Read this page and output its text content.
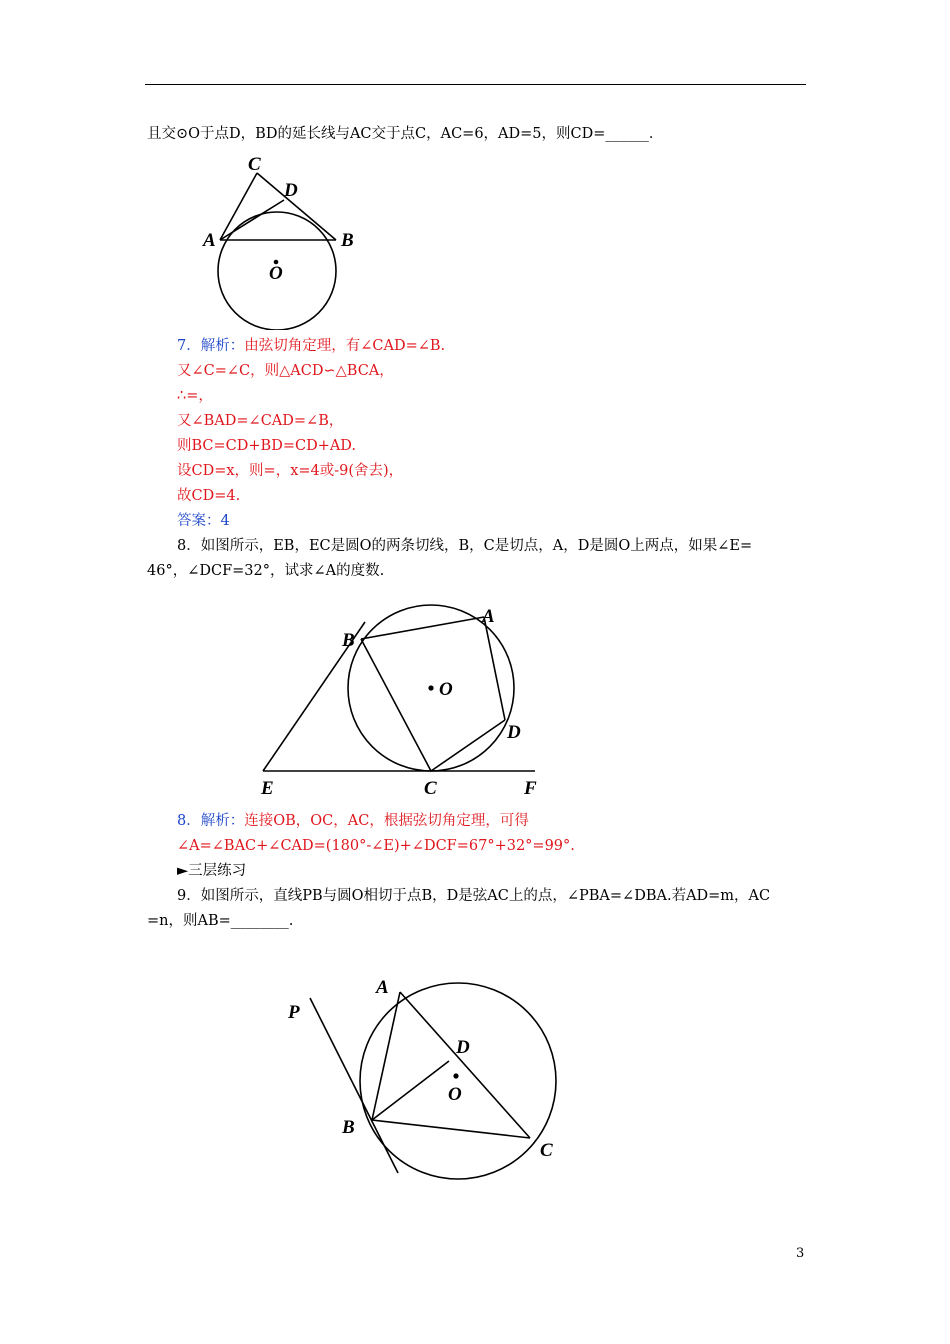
且交⊙O于点D，BD的延长线与AC交于点C，AC=6，AD=5，则CD=______．
C
D
A	B
O
7．解析：由弦切角定理，有∠CAD=∠B.
又∠C=∠C，则△ACD∽△BCA，
∴=，
又∠BAD=∠CAD=∠B，
则BC=CD+BD=CD+AD.
设CD=x，则=，x=4或-9(舍去)，
故CD=4.
答案：4
8．如图所示，EB，EC是圆O的两条切线，B，C是切点，A，D是圆O上两点，如果∠E=
46°，∠DCF=32°，试求∠A的度数.
B
A
O
D
E	C	F
8．解析：连接OB，OC，AC，根据弦切角定理，可得
∠A=∠BAC+∠CAD=(180°-∠E)+∠DCF=67°+32°=99°.
►三层练习
9．如图所示，直线PB与圆O相切于点B，D是弦AC上的点，∠PBA=∠DBA.若AD=m，AC
=n，则AB=________.
P
A
D
O
B
C
3
